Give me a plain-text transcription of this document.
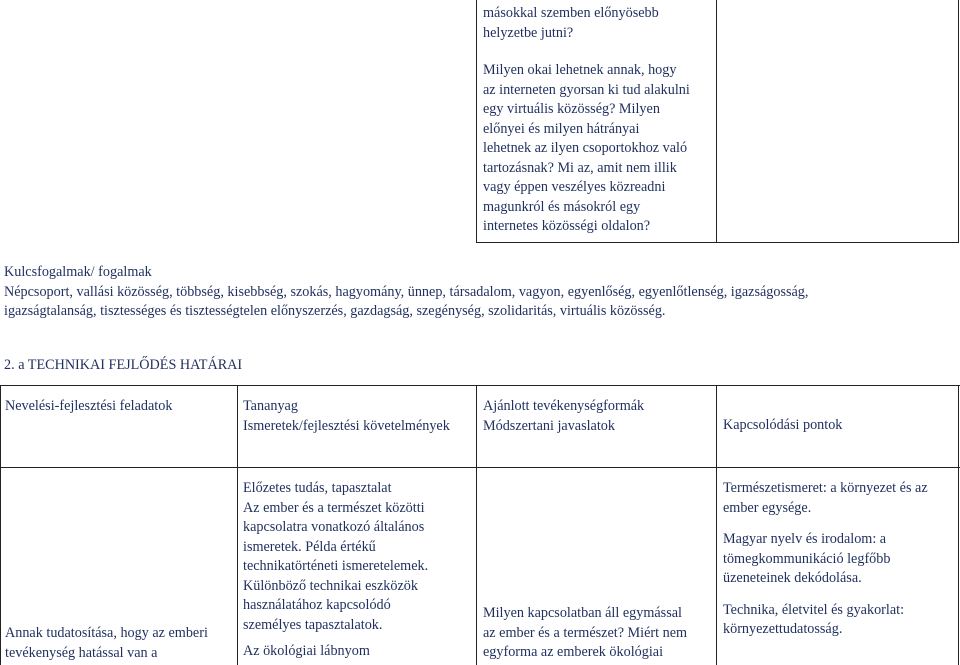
másokkal szemben előnyösebb

helyzetbe jutni?

Milyen okai lehetnek annak, hogy

az interneten gyorsan ki tud alakulni

egy virtuális közösség? Milyen

előnyei és milyen hátrányai

lehetnek az ilyen csoportokhoz való

tartozásnak? Mi az, amit nem illik

vagy éppen veszélyes közreadni

magunkról és másokról egy

internetes közösségi oldalon?

Kulcsfogalmak/ fogalmak
Népcsoport, vallási közösség, többség, kisebbség, szokás, hagyomány, ünnep, társadalom, vagyon, egyenlőség, egyenlőtlenség, igazságosság,
igazságtalanság, tisztességes és tisztességtelen előnyszerzés, gazdagság, szegénység, szolidaritás, virtuális közösség.
2. a TECHNIKAI FEJLŐDÉS HATÁRAI
Nevelési-fejlesztési feladatok	Tananyag
Ismeretek/fejlesztési követelmények
Ajánlott tevékenységformák
Módszertani javaslatok	Kapcsolódási pontok

Annak tudatosítása, hogy az emberi

tevékenység hatással van a

Előzetes tudás, tapasztalat

Az ember és a természet közötti

kapcsolatra vonatkozó általános

ismeretek. Példa értékű

technikatörténeti ismeretelemek.

Különböző technikai eszközök

használatához kapcsolódó

személyes tapasztalatok.

Az ökológiai lábnyom

Milyen kapcsolatban áll egymással

az ember és a természet? Miért nem

egyforma az emberek ökológiai

Természetismeret: a környezet és az

ember egysége.

Magyar nyelv és irodalom: a

tömegkommunikáció legfőbb

üzeneteinek dekódolása.

Technika, életvitel és gyakorlat:

környezettudatosság.
